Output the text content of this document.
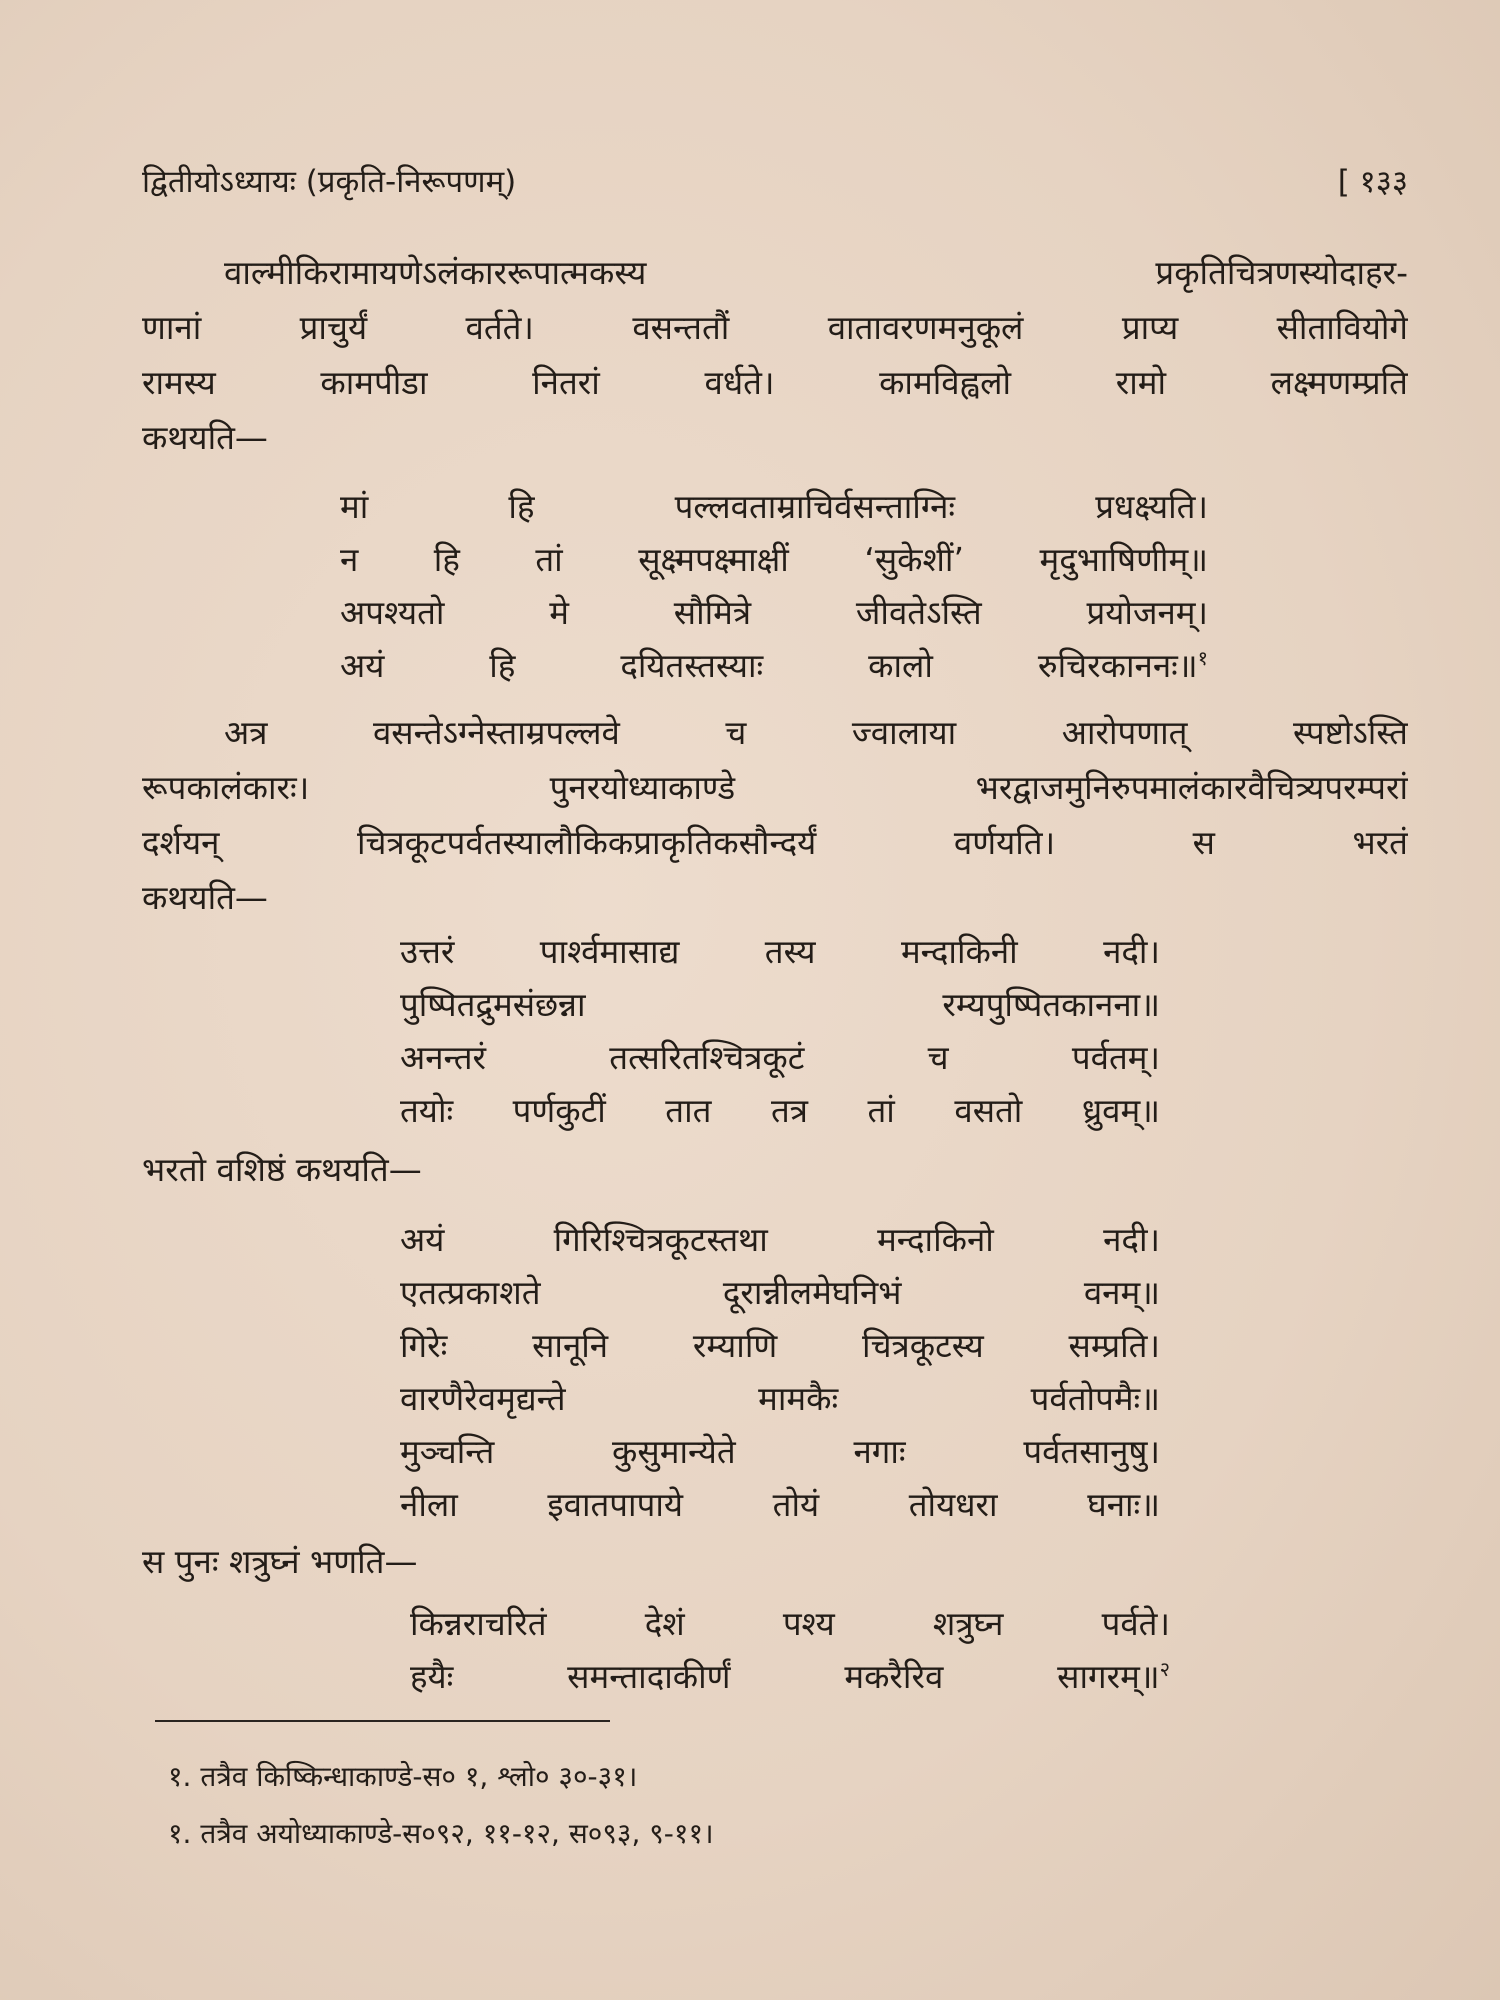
द्वितीयोऽध्यायः (प्रकृति-निरूपणम्)	[ १३३
वाल्मीकिरामायणेऽलंकाररूपात्मकस्य प्रकृतिचित्रणस्योदाहर-
णानां प्राचुर्यं वर्तते। वसन्ततौं वातावरणमनुकूलं प्राप्य सीतावियोगे
रामस्य कामपीडा नितरां वर्धते। कामविह्वलो रामो लक्ष्मणम्प्रति
कथयति—
मां हि पल्लवताम्राचिर्वसन्ताग्निः प्रधक्ष्यति।
न हि तां सूक्ष्मपक्ष्माक्षीं ‘सुकेशीं’ मृदुभाषिणीम्॥
अपश्यतो मे सौमित्रे जीवतेऽस्ति प्रयोजनम्।
अयं हि दयितस्तस्याः कालो रुचिरकाननः॥$^१$
अत्र वसन्तेऽग्नेस्ताम्रपल्लवे च ज्वालाया आरोपणात् स्पष्टोऽस्ति
रूपकालंकारः। पुनरयोध्याकाण्डे भरद्वाजमुनिरुपमालंकारवैचित्र्यपरम्परां
दर्शयन् चित्रकूटपर्वतस्यालौकिकप्राकृतिकसौन्दर्यं वर्णयति। स भरतं
कथयति—
उत्तरं पार्श्वमासाद्य तस्य मन्दाकिनी नदी।
पुष्पितद्रुमसंछन्ना रम्यपुष्पितकानना॥
अनन्तरं तत्सरितश्चित्रकूटं च पर्वतम्।
तयोः पर्णकुटीं तात तत्र तां वसतो ध्रुवम्॥
भरतो वशिष्ठं कथयति—
अयं गिरिश्चित्रकूटस्तथा मन्दाकिनो नदी।
एतत्प्रकाशते दूरान्नीलमेघनिभं वनम्॥
गिरेः सानूनि रम्याणि चित्रकूटस्य सम्प्रति।
वारणैरेवमृद्यन्ते मामकैः पर्वतोपमैः॥
मुञ्चन्ति कुसुमान्येते नगाः पर्वतसानुषु।
नीला इवातपापाये तोयं तोयधरा घनाः॥
स पुनः शत्रुघ्नं भणति—
किन्नराचरितं देशं पश्य शत्रुघ्न पर्वते।
हयैः समन्तादाकीर्णं मकरैरिव सागरम्॥$^२$
१. तत्रैव किष्किन्धाकाण्डे-स० १, श्लो० ३०-३१।
१. तत्रैव अयोध्याकाण्डे-स०९२, ११-१२, स०९३, ९-११।
